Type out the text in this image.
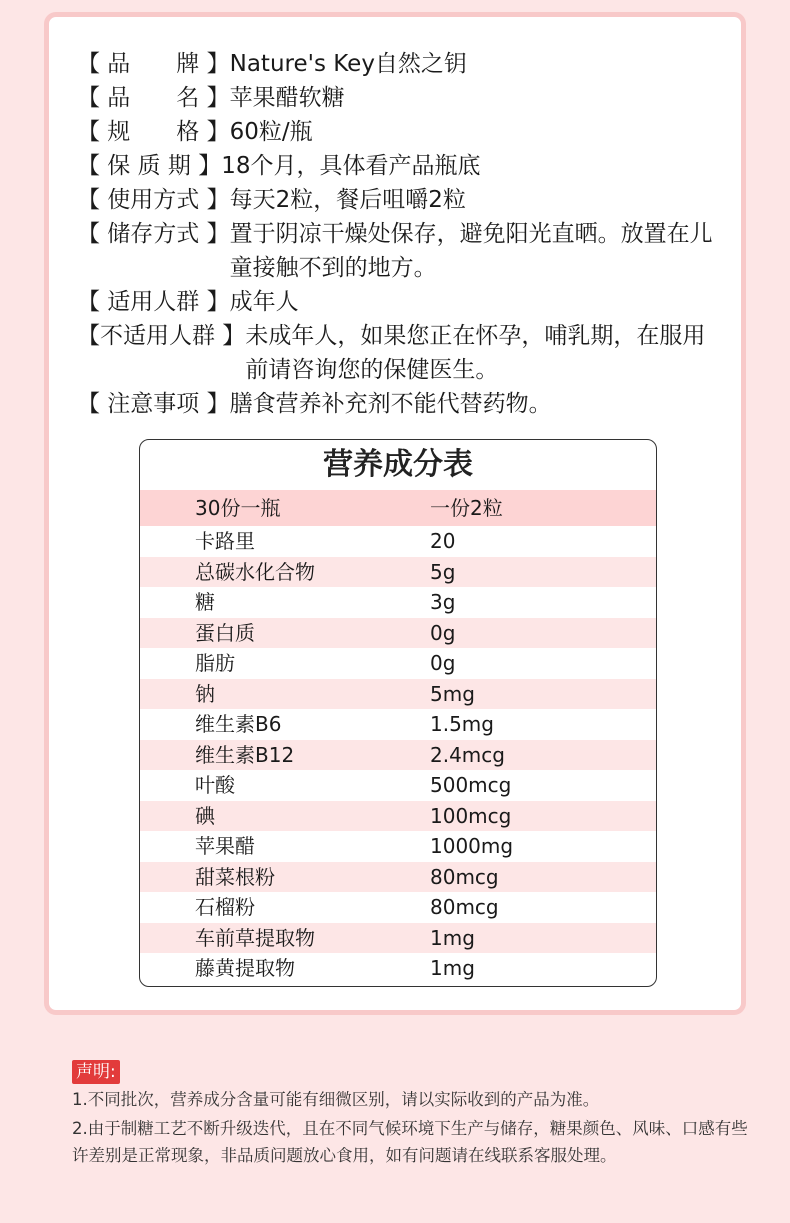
【 品　　牌 】 Nature's Key自然之钥
【 品　　名 】 苹果醋软糖
【 规　　格 】 60粒/瓶
【 保 质 期 】 18个月，具体看产品瓶底
【 使用方式 】 每天2粒，餐后咀嚼2粒
【 储存方式 】 置于阴凉干燥处保存，避免阳光直晒。放置在儿童接触不到的地方。
【 适用人群 】 成年人
【不适用人群 】 未成年人，如果您正在怀孕，哺乳期，在服用前请咨询您的保健医生。
【 注意事项 】 膳食营养补充剂不能代替药物。
营养成分表
30份一瓶	一份2粒
卡路里	20
总碳水化合物	5g
糖	3g
蛋白质	0g
脂肪	0g
钠	5mg
维生素B6	1.5mg
维生素B12	2.4mcg
叶酸	500mcg
碘	100mcg
苹果醋	1000mg
甜菜根粉	80mcg
石榴粉	80mcg
车前草提取物	1mg
藤黄提取物	1mg
声明:

1.不同批次，营养成分含量可能有细微区别，请以实际收到的产品为准。

2.由于制糖工艺不断升级迭代，且在不同气候环境下生产与储存，糖果颜色、风味、口感有些许差别是正常现象，非品质问题放心食用，如有问题请在线联系客服处理。
